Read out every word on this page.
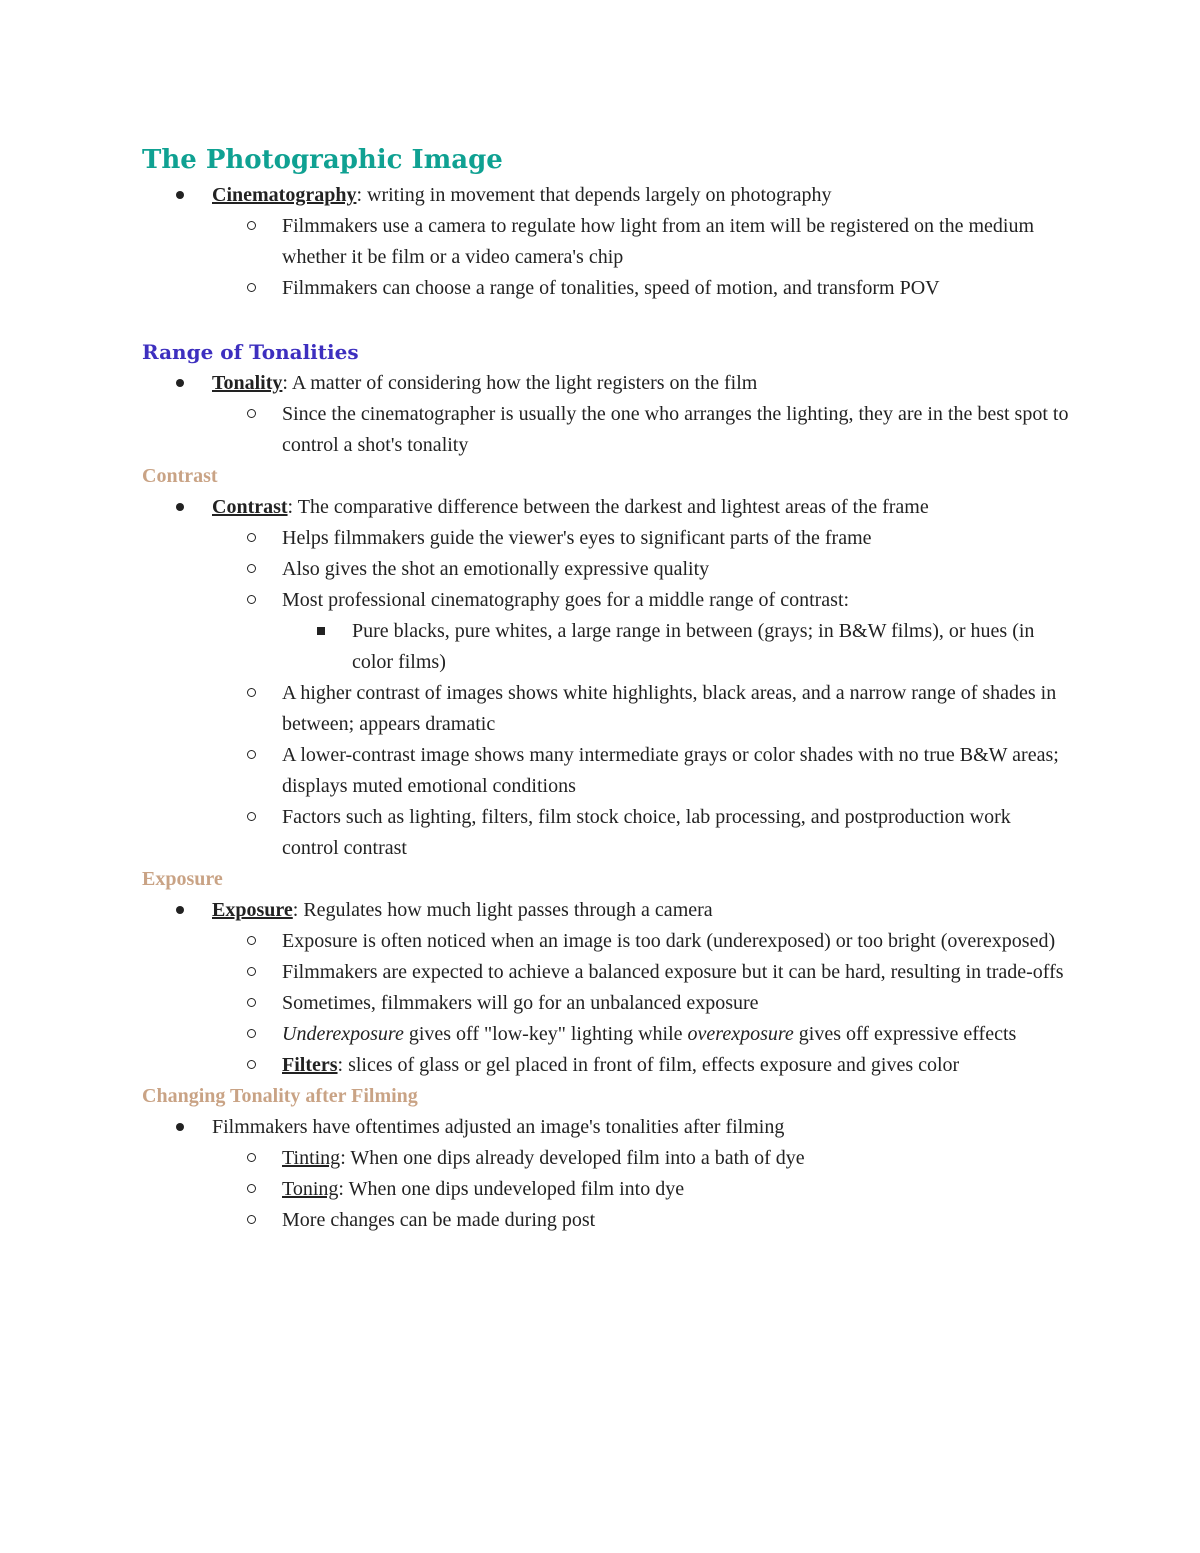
The Photographic Image
Cinematography: writing in movement that depends largely on photography
Filmmakers use a camera to regulate how light from an item will be registered on the medium whether it be film or a video camera's chip
Filmmakers can choose a range of tonalities, speed of motion, and transform POV
Range of Tonalities
Tonality: A matter of considering how the light registers on the film
Since the cinematographer is usually the one who arranges the lighting, they are in the best spot to control a shot's tonality
Contrast
Contrast: The comparative difference between the darkest and lightest areas of the frame
Helps filmmakers guide the viewer's eyes to significant parts of the frame
Also gives the shot an emotionally expressive quality
Most professional cinematography goes for a middle range of contrast:
Pure blacks, pure whites, a large range in between (grays; in B&W films), or hues (in color films)
A higher contrast of images shows white highlights, black areas, and a narrow range of shades in between; appears dramatic
A lower-contrast image shows many intermediate grays or color shades with no true B&W areas; displays muted emotional conditions
Factors such as lighting, filters, film stock choice, lab processing, and postproduction work control contrast
Exposure
Exposure: Regulates how much light passes through a camera
Exposure is often noticed when an image is too dark (underexposed) or too bright (overexposed)
Filmmakers are expected to achieve a balanced exposure but it can be hard, resulting in trade-offs
Sometimes, filmmakers will go for an unbalanced exposure
Underexposure gives off "low-key" lighting while overexposure gives off expressive effects
Filters: slices of glass or gel placed in front of film, effects exposure and gives color
Changing Tonality after Filming
Filmmakers have oftentimes adjusted an image's tonalities after filming
Tinting: When one dips already developed film into a bath of dye
Toning: When one dips undeveloped film into dye
More changes can be made during post
